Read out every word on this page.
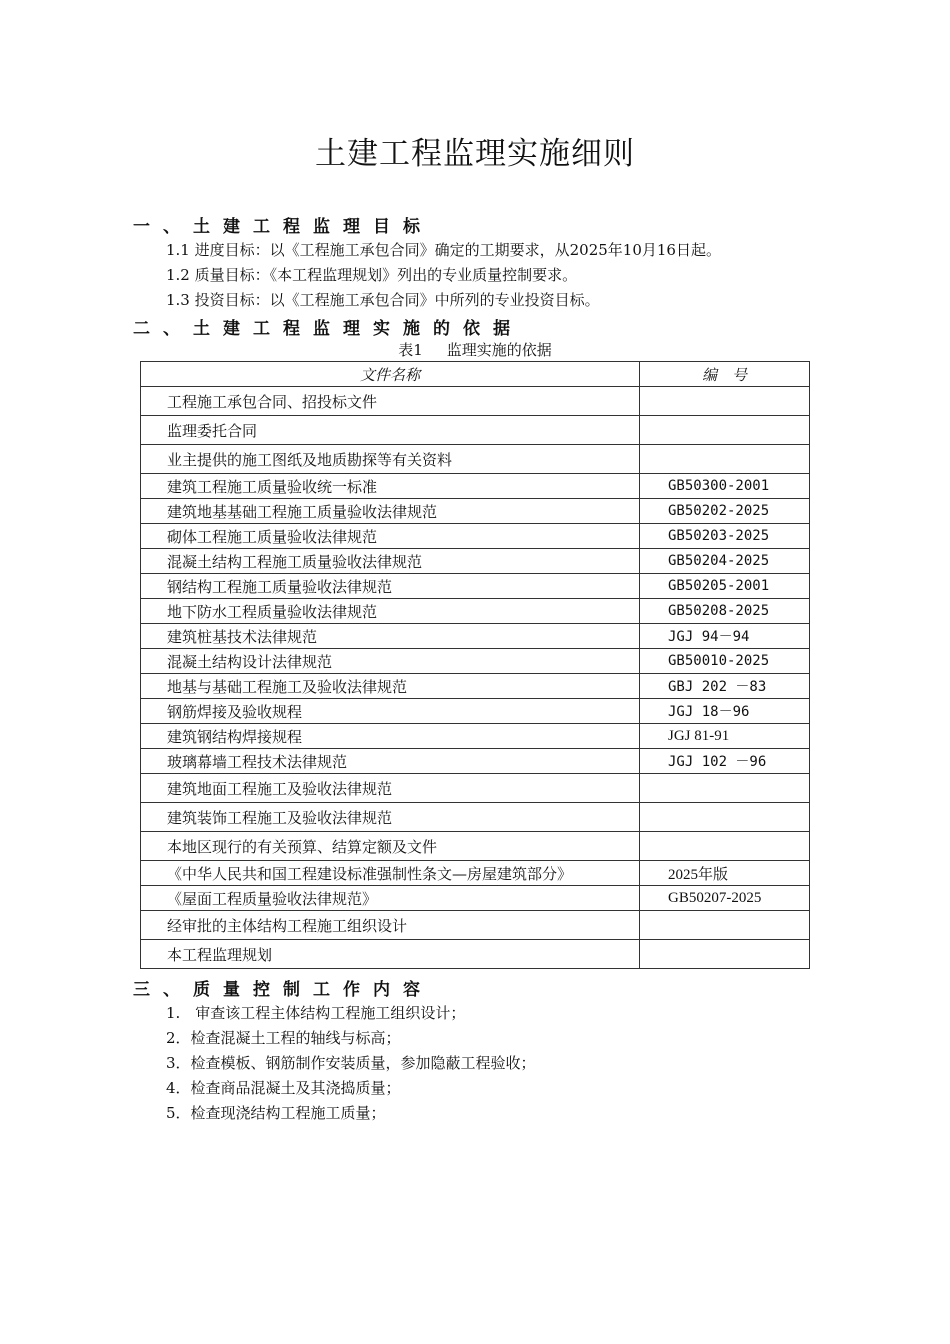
土建工程监理实施细则
一、土建工程监理目标
1.1 进度目标：以《工程施工承包合同》确定的工期要求，从2025年10月16日起。
1.2 质量目标：《本工程监理规划》列出的专业质量控制要求。
1.3 投资目标：以《工程施工承包合同》中所列的专业投资目标。
二、土建工程监理实施的依据
表1 监理实施的依据
文件名称	编　号
工程施工承包合同、招投标文件	
监理委托合同	
业主提供的施工图纸及地质勘探等有关资料	
建筑工程施工质量验收统一标准	GB50300-2001
建筑地基基础工程施工质量验收法律规范	GB50202-2025
砌体工程施工质量验收法律规范	GB50203-2025
混凝土结构工程施工质量验收法律规范	GB50204-2025
钢结构工程施工质量验收法律规范	GB50205-2001
地下防水工程质量验收法律规范	GB50208-2025
建筑桩基技术法律规范	JGJ 94－94
混凝土结构设计法律规范	GB50010-2025
地基与基础工程施工及验收法律规范	GBJ 202 －83
钢筋焊接及验收规程	JGJ 18－96
建筑钢结构焊接规程	JGJ 81-91
玻璃幕墙工程技术法律规范	JGJ 102 －96
建筑地面工程施工及验收法律规范	
建筑装饰工程施工及验收法律规范	
本地区现行的有关预算、结算定额及文件	
《中华人民共和国工程建设标准强制性条文—房屋建筑部分》	2025年版
《屋面工程质量验收法律规范》	GB50207-2025
经审批的主体结构工程施工组织设计	
本工程监理规划	
三、质量控制工作内容
1.　审查该工程主体结构工程施工组织设计；
2．检查混凝土工程的轴线与标高；
3．检查模板、钢筋制作安装质量，参加隐蔽工程验收；
4．检查商品混凝土及其浇捣质量；
5．检查现浇结构工程施工质量；
